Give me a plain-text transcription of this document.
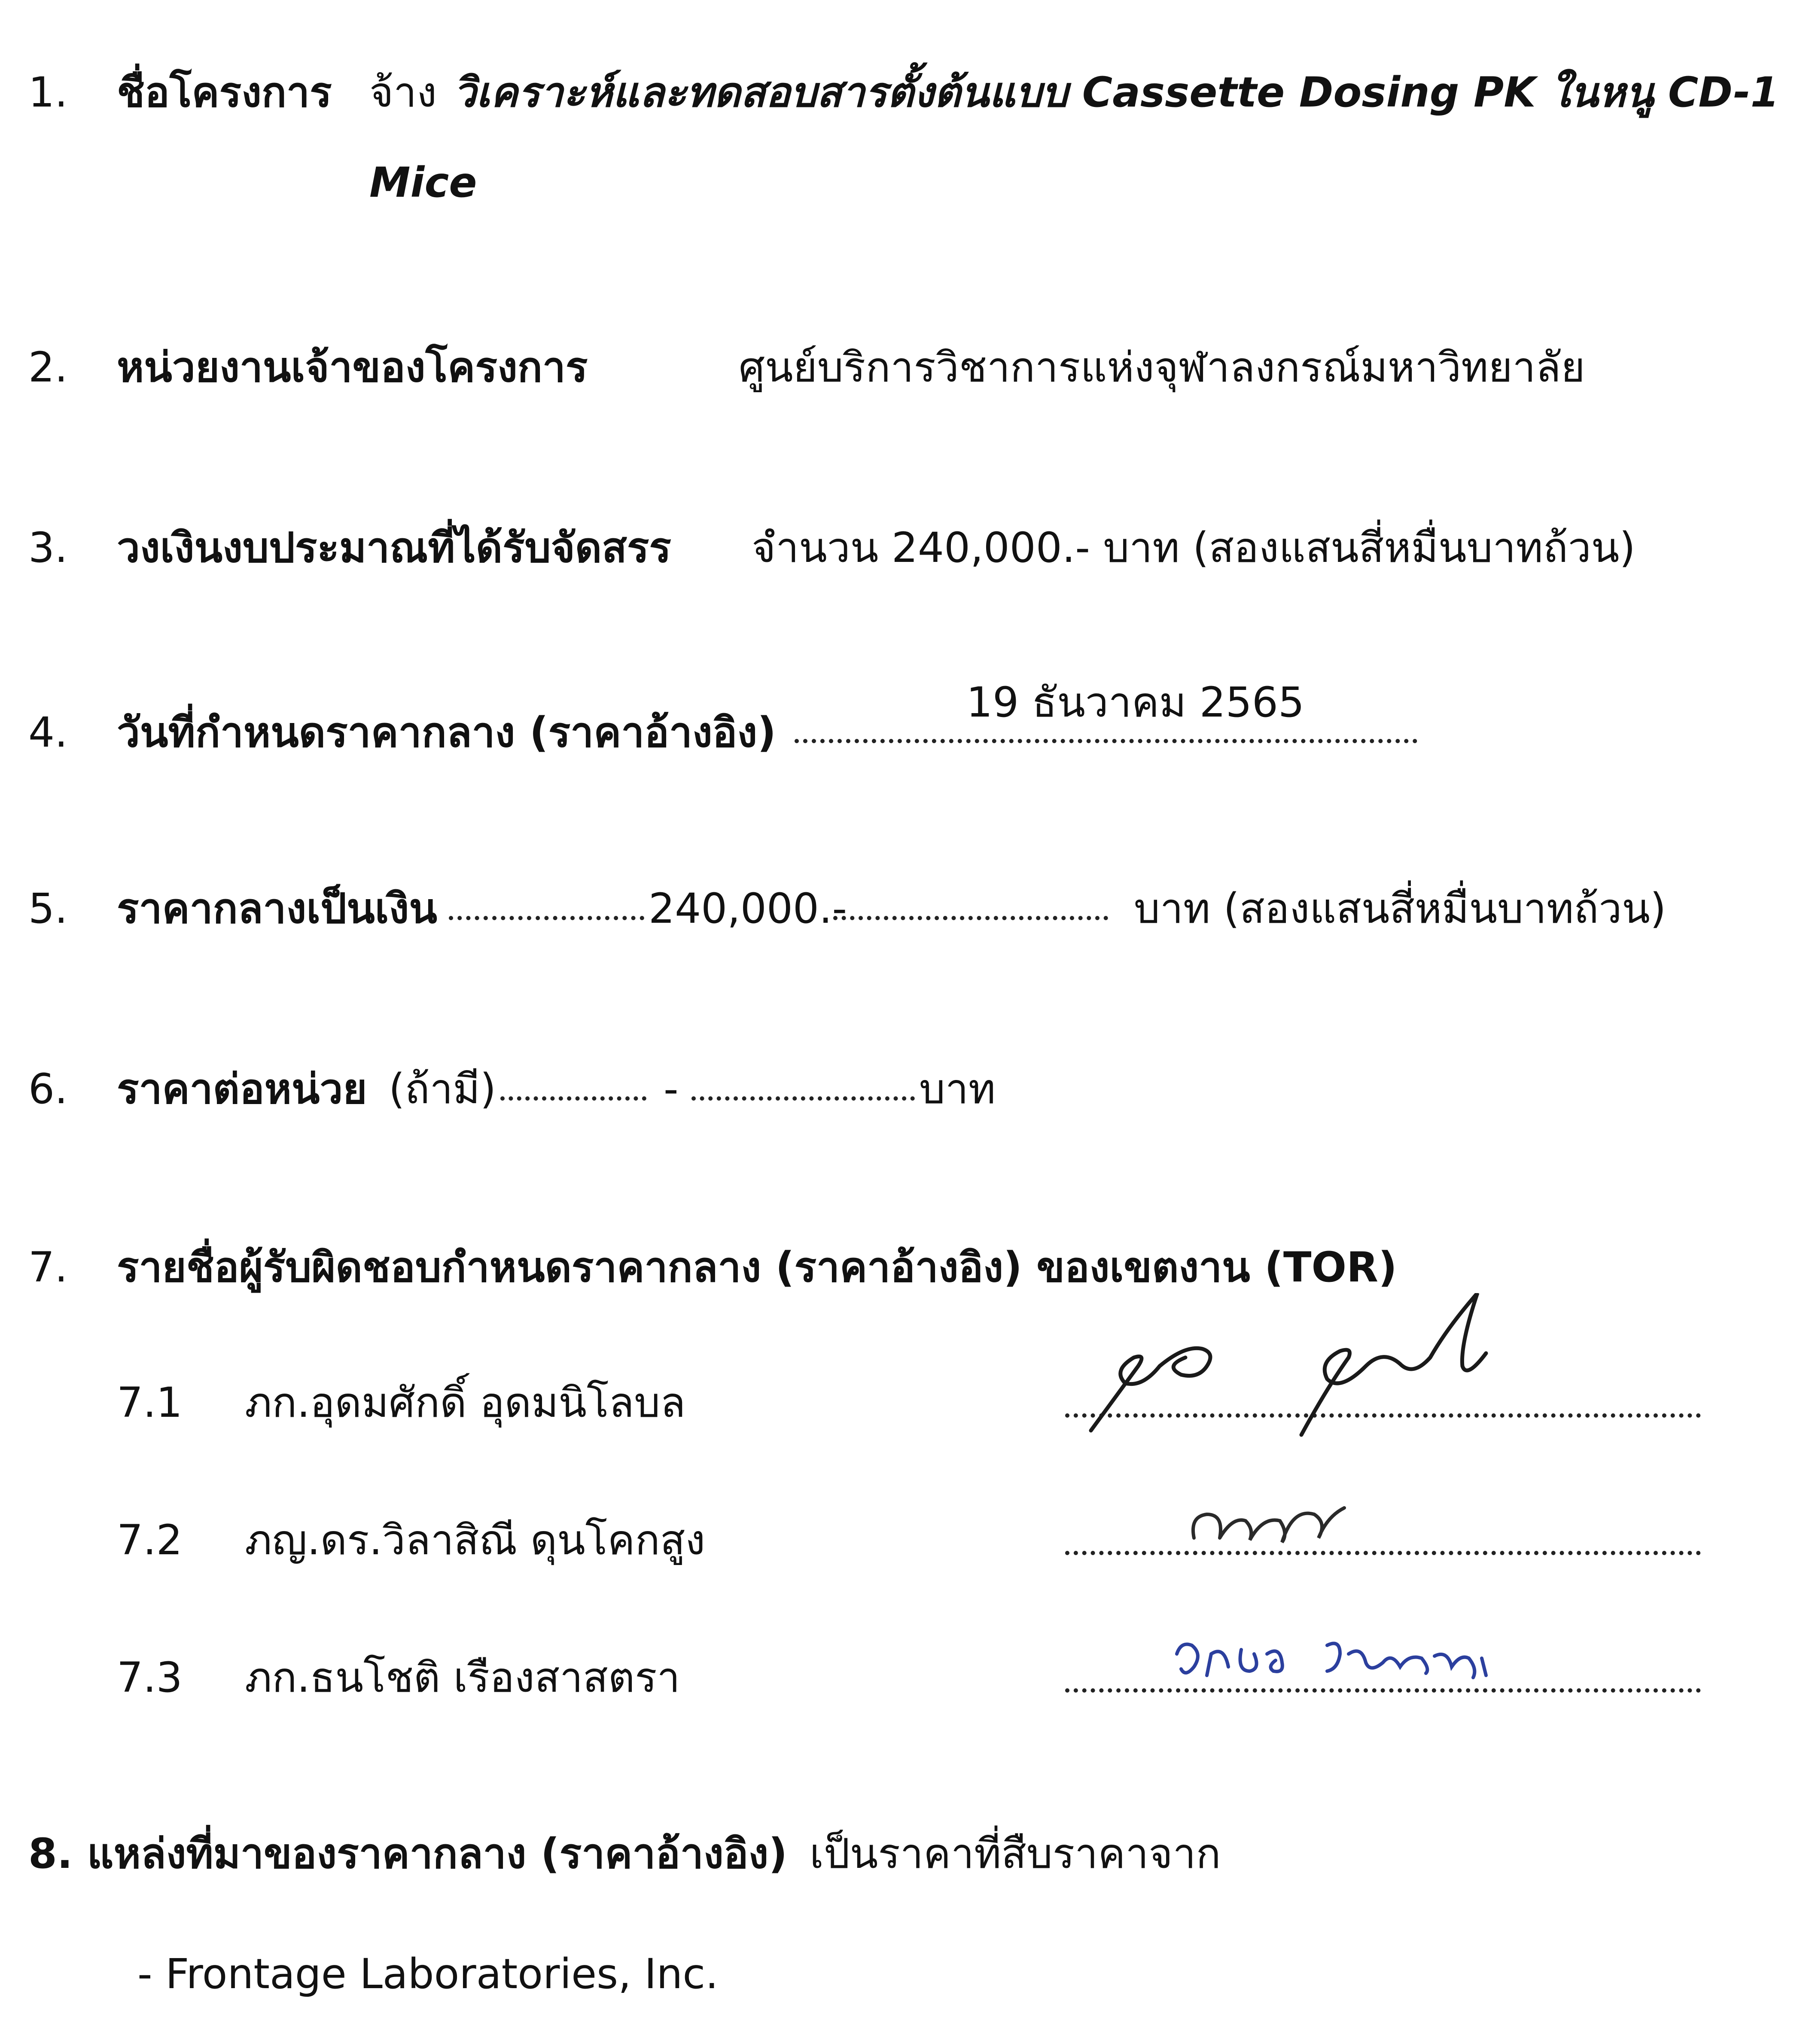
1. ชื่อโครงการ จ้าง วิเคราะห์และทดสอบสารตั้งต้นแบบ Cassette Dosing PK ในหนู CD-1
Mice
2. หน่วยงานเจ้าของโครงการ	ศูนย์บริการวิชาการแห่งจุฬาลงกรณ์มหาวิทยาลัย
3. วงเงินงบประมาณที่ได้รับจัดสรร จำนวน 240,000.- บาท (สองแสนสี่หมื่นบาทถ้วน)
4. วันที่กำหนดราคากลาง (ราคาอ้างอิง)
19 ธันวาคม 2565
5. ราคากลางเป็นเงิน	240,000.-	บาท (สองแสนสี่หมื่นบาทถ้วน)
6. ราคาต่อหน่วย (ถ้ามี)	-	บาท
7. รายชื่อผู้รับผิดชอบกำหนดราคากลาง (ราคาอ้างอิง) ของเขตงาน (TOR)
7.1 ภก.อุดมศักดิ์ อุดมนิโลบล
7.2 ภญ.ดร.วิลาสิณี ดุนโคกสูง
7.3 ภก.ธนโชติ เรืองสาสตรา
8. แหล่งที่มาของราคากลาง (ราคาอ้างอิง) เป็นราคาที่สืบราคาจาก
- Frontage Laboratories, Inc.
